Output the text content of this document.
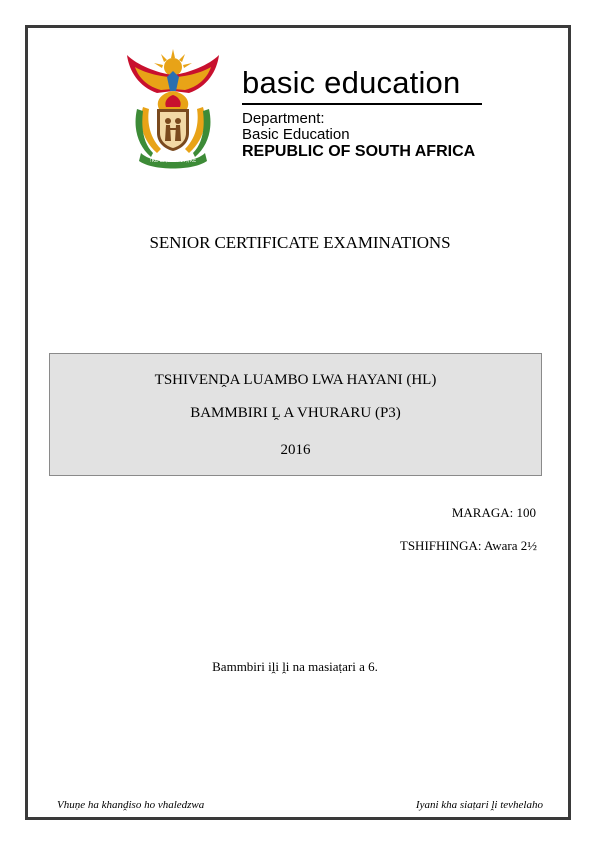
!KE E: /XARRA //KE
basic education
Department:
Basic Education
REPUBLIC OF SOUTH AFRICA
SENIOR CERTIFICATE EXAMINATIONS
TSHIVENḒA LUAMBO LWA HAYANI (HL)
BAMMBIRI Ḽ A VHURARU (P3)
2016
MARAGA: 100
TSHIFHINGA: Awara 2½
Bammbiri iḽi ḽi na masiaṭari a 6.
Vhuṇe ha khanḓiso ho vhaledzwa	Iyani kha siaṭari ḽi tevhelaho
